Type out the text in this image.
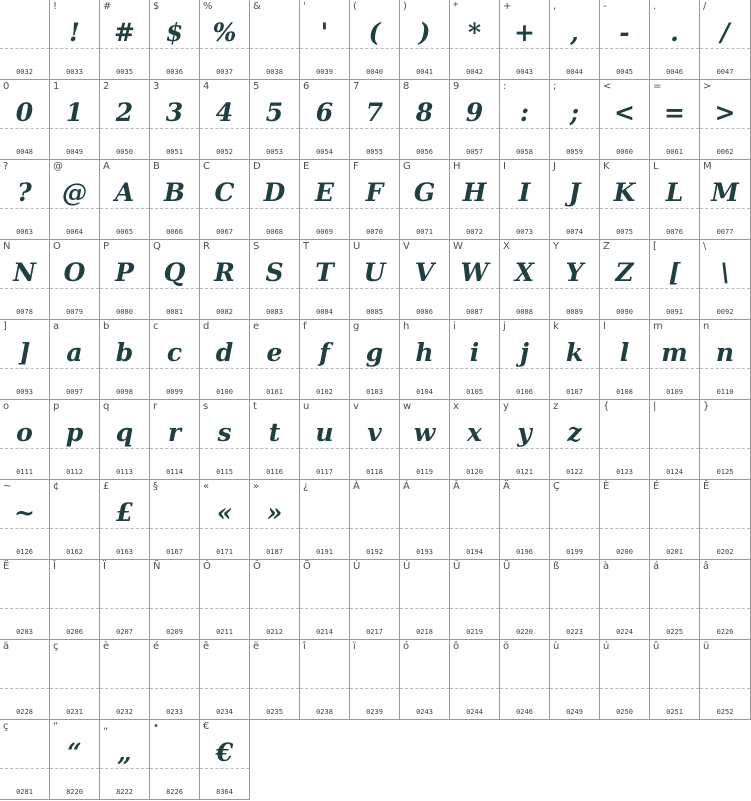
0032
!
!
0033
#
#
0035
$
$
0036
%
%
0037
&
0038
'
'
0039
(
(
0040
)
)
0041
*
*
0042
+
+
0043
,
,
0044
-
-
0045
.
.
0046
/
/
0047
0
0
0048
1
1
0049
2
2
0050
3
3
0051
4
4
0052
5
5
0053
6
6
0054
7
7
0055
8
8
0056
9
9
0057
:
:
0058
;
;
0059
<
<
0060
=
=
0061
>
>
0062
?
?
0063
@
@
0064
A
A
0065
B
B
0066
C
C
0067
D
D
0068
E
E
0069
F
F
0070
G
G
0071
H
H
0072
I
I
0073
J
J
0074
K
K
0075
L
L
0076
M
M
0077
N
N
0078
O
O
0079
P
P
0080
Q
Q
0081
R
R
0082
S
S
0083
T
T
0084
U
U
0085
V
V
0086
W
W
0087
X
X
0088
Y
Y
0089
Z
Z
0090
[
[
0091
\
\
0092
]
]
0093
a
a
0097
b
b
0098
c
c
0099
d
d
0100
e
e
0101
f
f
0102
g
g
0103
h
h
0104
i
i
0105
j
j
0106
k
k
0107
l
l
0108
m
m
0109
n
n
0110
o
o
0111
p
p
0112
q
q
0113
r
r
0114
s
s
0115
t
t
0116
u
u
0117
v
v
0118
w
w
0119
x
x
0120
y
y
0121
z
z
0122
{
0123
|
0124
}
0125
~
~
0126
¢
0162
£
£
0163
§
0167
«
«
0171
»
»
0187
¿
0191
À
0192
Á
0193
Â
0194
Ä
0196
Ç
0199
È
0200
É
0201
Ê
0202
Ë
0203
Î
0206
Ï
0207
Ñ
0209
Ó
0211
Ô
0212
Ö
0214
Ù
0217
Ú
0218
Û
0219
Ü
0220
ß
0223
à
0224
á
0225
â
0226
ä
0228
ç
0231
è
0232
é
0233
ê
0234
ë
0235
î
0238
ï
0239
ó
0243
ô
0244
ö
0246
ù
0249
ú
0250
û
0251
ü
0252
ç
0281
“
“
8220
„
„
8222
•
8226
€
€
8364
